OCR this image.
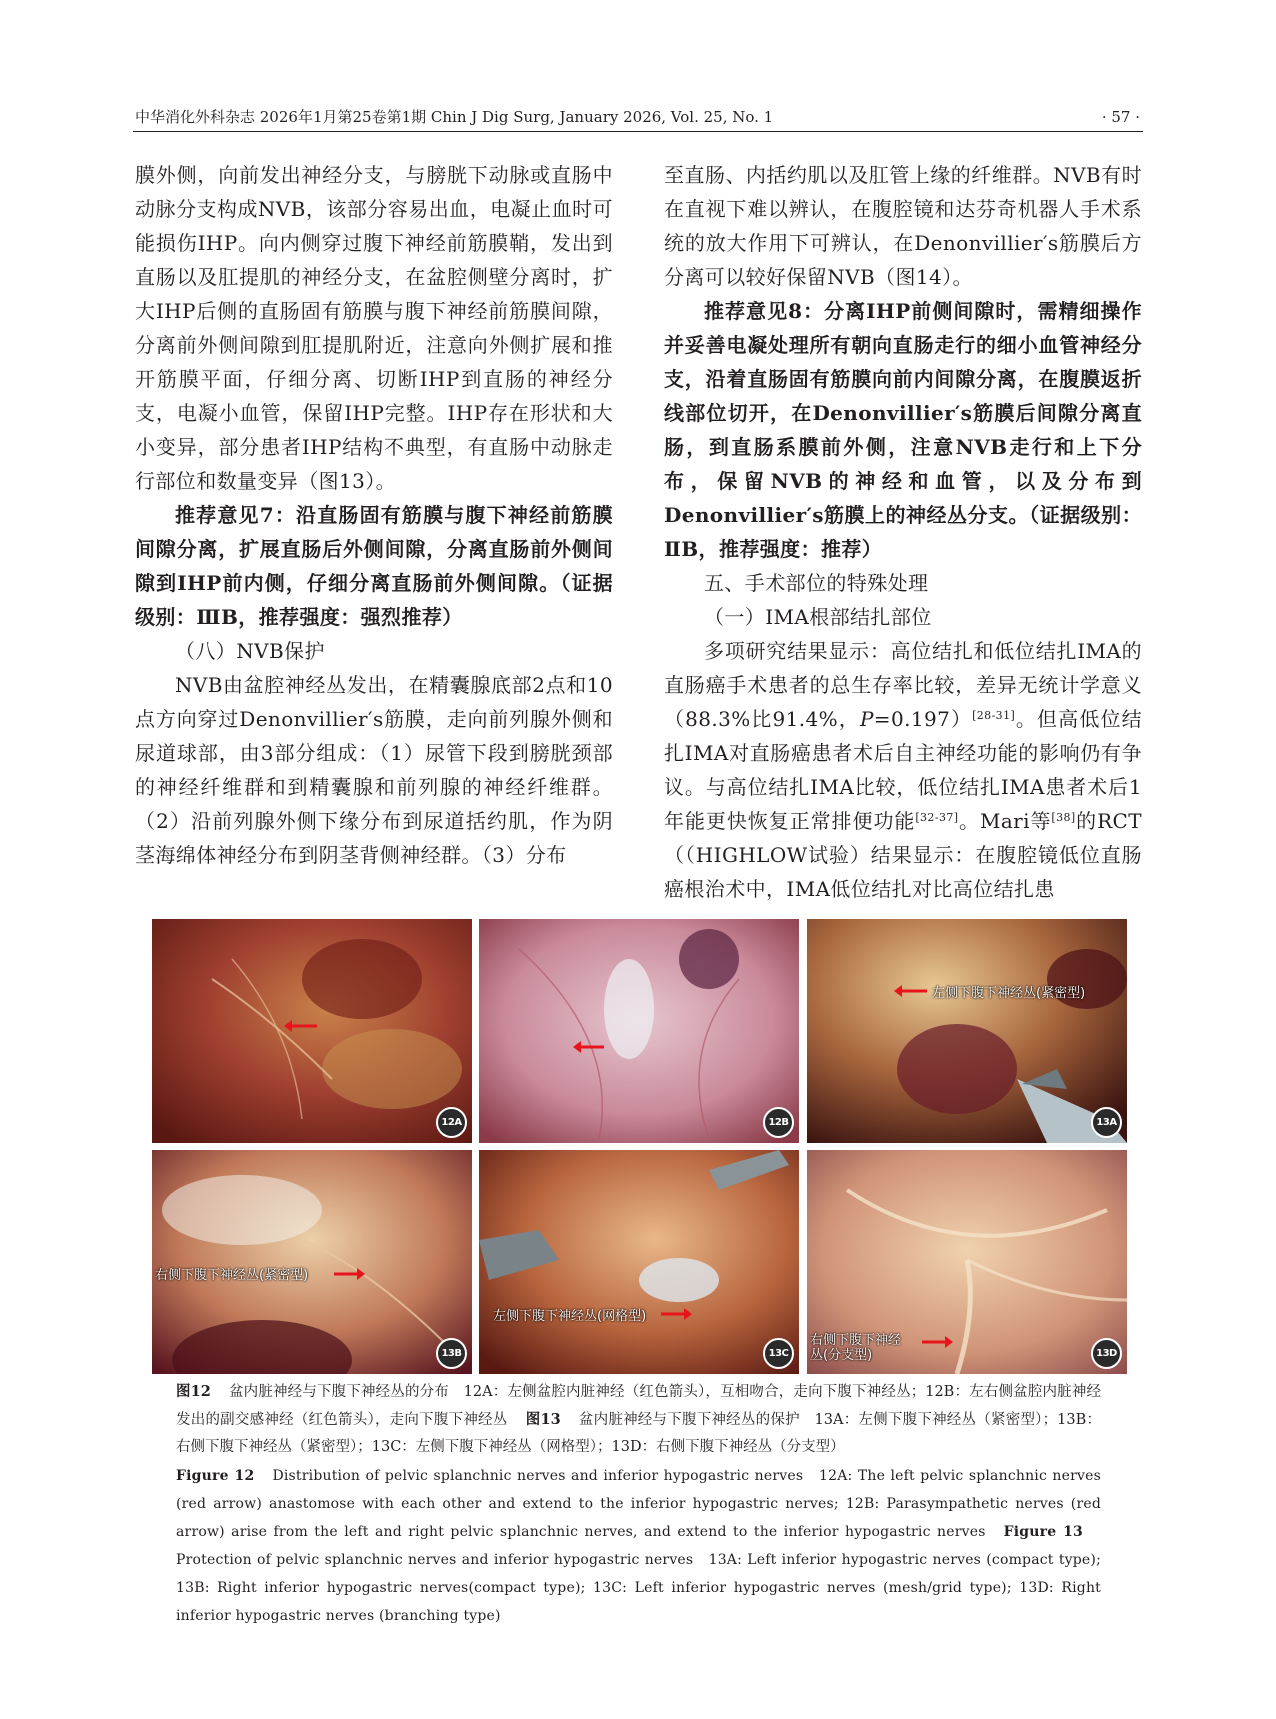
中华消化外科杂志 2026年1月第25卷第1期 Chin J Dig Surg, January 2026, Vol. 25, No. 1	· 57 ·

膜外侧，向前发出神经分支，与膀胱下动脉或直肠中动脉分支构成NVB，该部分容易出血，电凝止血时可能损伤IHP。向内侧穿过腹下神经前筋膜鞘，发出到直肠以及肛提肌的神经分支，在盆腔侧壁分离时，扩大IHP后侧的直肠固有筋膜与腹下神经前筋膜间隙，分离前外侧间隙到肛提肌附近，注意向外侧扩展和推开筋膜平面，仔细分离、切断IHP到直肠的神经分支，电凝小血管，保留IHP完整。IHP存在形状和大小变异，部分患者IHP结构不典型，有直肠中动脉走行部位和数量变异（图13）。

推荐意见7：沿直肠固有筋膜与腹下神经前筋膜间隙分离，扩展直肠后外侧间隙，分离直肠前外侧间隙到IHP前内侧，仔细分离直肠前外侧间隙。（证据级别：ⅢB，推荐强度：强烈推荐）

（八）NVB保护

NVB由盆腔神经丛发出，在精囊腺底部2点和10点方向穿过Denonvillier′s筋膜，走向前列腺外侧和尿道球部，由3部分组成：（1）尿管下段到膀胱颈部的神经纤维群和到精囊腺和前列腺的神经纤维群。（2）沿前列腺外侧下缘分布到尿道括约肌，作为阴茎海绵体神经分布到阴茎背侧神经群。（3）分布

至直肠、内括约肌以及肛管上缘的纤维群。NVB有时在直视下难以辨认，在腹腔镜和达芬奇机器人手术系统的放大作用下可辨认，在Denonvillier′s筋膜后方分离可以较好保留NVB（图14）。

推荐意见8：分离IHP前侧间隙时，需精细操作并妥善电凝处理所有朝向直肠走行的细小血管神经分支，沿着直肠固有筋膜向前内间隙分离，在腹膜返折线部位切开，在Denonvillier′s筋膜后间隙分离直肠，到直肠系膜前外侧，注意NVB走行和上下分布，保留NVB的神经和血管，以及分布到Denonvillier′s筋膜上的神经丛分支。（证据级别：ⅡB，推荐强度：推荐）

五、手术部位的特殊处理

（一）IMA根部结扎部位

多项研究结果显示：高位结扎和低位结扎IMA的直肠癌手术患者的总生存率比较，差异无统计学意义（88.3%比91.4%，P=0.197）[28-31]。但高低位结扎IMA对直肠癌患者术后自主神经功能的影响仍有争议。与高位结扎IMA比较，低位结扎IMA患者术后1年能更快恢复正常排便功能[32-37]。Mari等[38]的RCT（（HIGHLOW试验）结果显示：在腹腔镜低位直肠癌根治术中，IMA低位结扎对比高位结扎患

12A	12B
左侧下腹下神经丛(紧密型)
13A
右侧下腹下神经丛(紧密型)
13B
左侧下腹下神经丛(网格型)
13C
右侧下腹下神经丛(分支型)	13D
图12 盆内脏神经与下腹下神经丛的分布　12A：左侧盆腔内脏神经（红色箭头），互相吻合，走向下腹下神经丛；12B：左右侧盆腔内脏神经发出的副交感神经（红色箭头），走向下腹下神经丛 图13 盆内脏神经与下腹下神经丛的保护　13A：左侧下腹下神经丛（紧密型）；13B：右侧下腹下神经丛（紧密型）；13C：左侧下腹下神经丛（网格型）；13D：右侧下腹下神经丛（分支型）
Figure 12 Distribution of pelvic splanchnic nerves and inferior hypogastric nerves　12A: The left pelvic splanchnic nerves (red arrow) anastomose with each other and extend to the inferior hypogastric nerves; 12B: Parasympathetic nerves (red arrow) arise from the left and right pelvic splanchnic nerves, and extend to the inferior hypogastric nerves Figure 13Protection of pelvic splanchnic nerves and inferior hypogastric nerves　13A: Left inferior hypogastric nerves (compact type); 13B: Right inferior hypogastric nerves(compact type); 13C: Left inferior hypogastric nerves (mesh/grid type); 13D: Right inferior hypogastric nerves (branching type)
